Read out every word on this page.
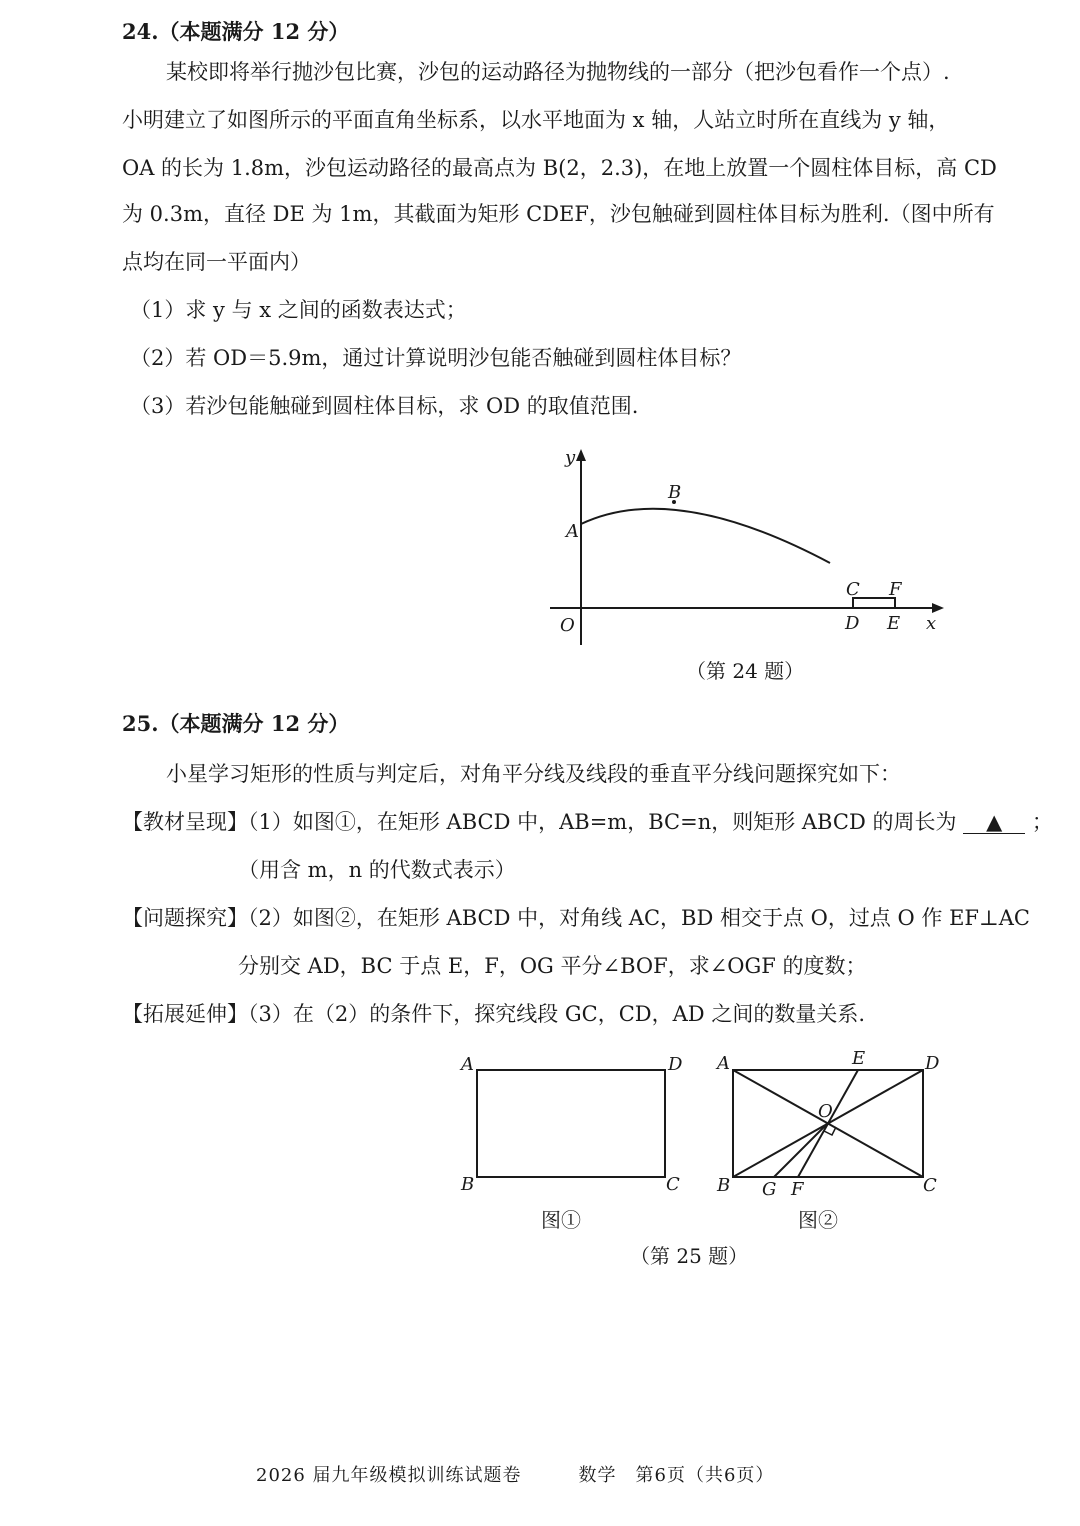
24.（本题满分 12 分）
某校即将举行抛沙包比赛，沙包的运动路径为抛物线的一部分（把沙包看作一个点）.
小明建立了如图所示的平面直角坐标系，以水平地面为 x 轴，人站立时所在直线为 y 轴，
OA 的长为 1.8m，沙包运动路径的最高点为 B(2，2.3)，在地上放置一个圆柱体目标，高 CD
为 0.3m，直径 DE 为 1m，其截面为矩形 CDEF，沙包触碰到圆柱体目标为胜利.（图中所有
点均在同一平面内）
（1）求 y 与 x 之间的函数表达式；
（2）若 OD＝5.9m，通过计算说明沙包能否触碰到圆柱体目标？
（3）若沙包能触碰到圆柱体目标，求 OD 的取值范围.
y
A
B
O
C F
D E x
（第 24 题）
25.（本题满分 12 分）
小星学习矩形的性质与判定后，对角平分线及线段的垂直平分线问题探究如下：
【教材呈现】（1）如图①，在矩形 ABCD 中，AB=m，BC=n，则矩形 ABCD 的周长为 ▲ ；
（用含 m，n 的代数式表示）
【问题探究】（2）如图②，在矩形 ABCD 中，对角线 AC，BD 相交于点 O，过点 O 作 EF⊥AC
分别交 AD，BC 于点 E，F，OG 平分∠BOF，求∠OGF 的度数；
【拓展延伸】（3）在（2）的条件下，探究线段 GC，CD，AD 之间的数量关系.
A	D
B	C
图①
A	E	D
O
B G F	C
图②
（第 25 题）
2026 届九年级模拟训练试题卷　　　数学　第6页（共6页）
